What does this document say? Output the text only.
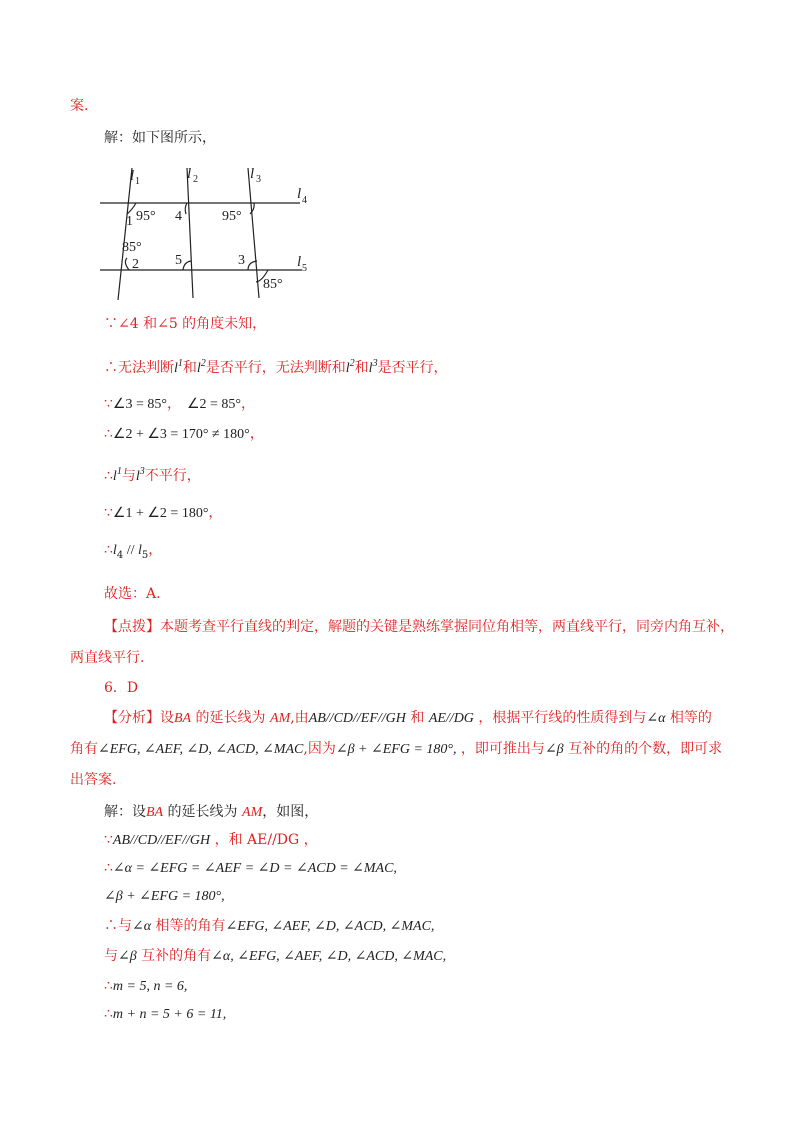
案.
解：如下图所示，
l 1	l 2	l 3
l 4
l 5
1 95° 4	95°
85°
2	5	3
85°
∵∠4 和∠5 的角度未知，
∴无法判断$l^1$和$l^2$是否平行，无法判断和$l^2$和$l^3$是否平行，
∵∠3 = 85°， ∠2 = 85°，
∴∠2 + ∠3 = 170° ≠ 180°，
$\therefore l^1$与$l^3$不平行，
∵∠1 + ∠2 = 180°，
$\therefore l_4 // l_5$，
故选：A.
【点拨】本题考查平行直线的判定，解题的关键是熟练掌握同位角相等，两直线平行，同旁内角互补，
两直线平行.
6．D
【分析】设BA 的延长线为 AM,由AB//CD//EF//GH 和 AE//DG ，根据平行线的性质得到与∠α 相等的
角有∠EFG, ∠AEF, ∠D, ∠ACD, ∠MAC,因为∠β + ∠EFG = 180°, ，即可推出与∠β 互补的角的个数，即可求
出答案.
解：设BA 的延长线为 AM，如图，
∵AB//CD//EF//GH ，和 AE//DG ，
∴∠α = ∠EFG = ∠AEF = ∠D = ∠ACD = ∠MAC,
∠β + ∠EFG = 180°,
∴与∠α 相等的角有∠EFG, ∠AEF, ∠D, ∠ACD, ∠MAC,
与∠β 互补的角有∠α, ∠EFG, ∠AEF, ∠D, ∠ACD, ∠MAC,
∴m = 5, n = 6,
∴m + n = 5 + 6 = 11,
